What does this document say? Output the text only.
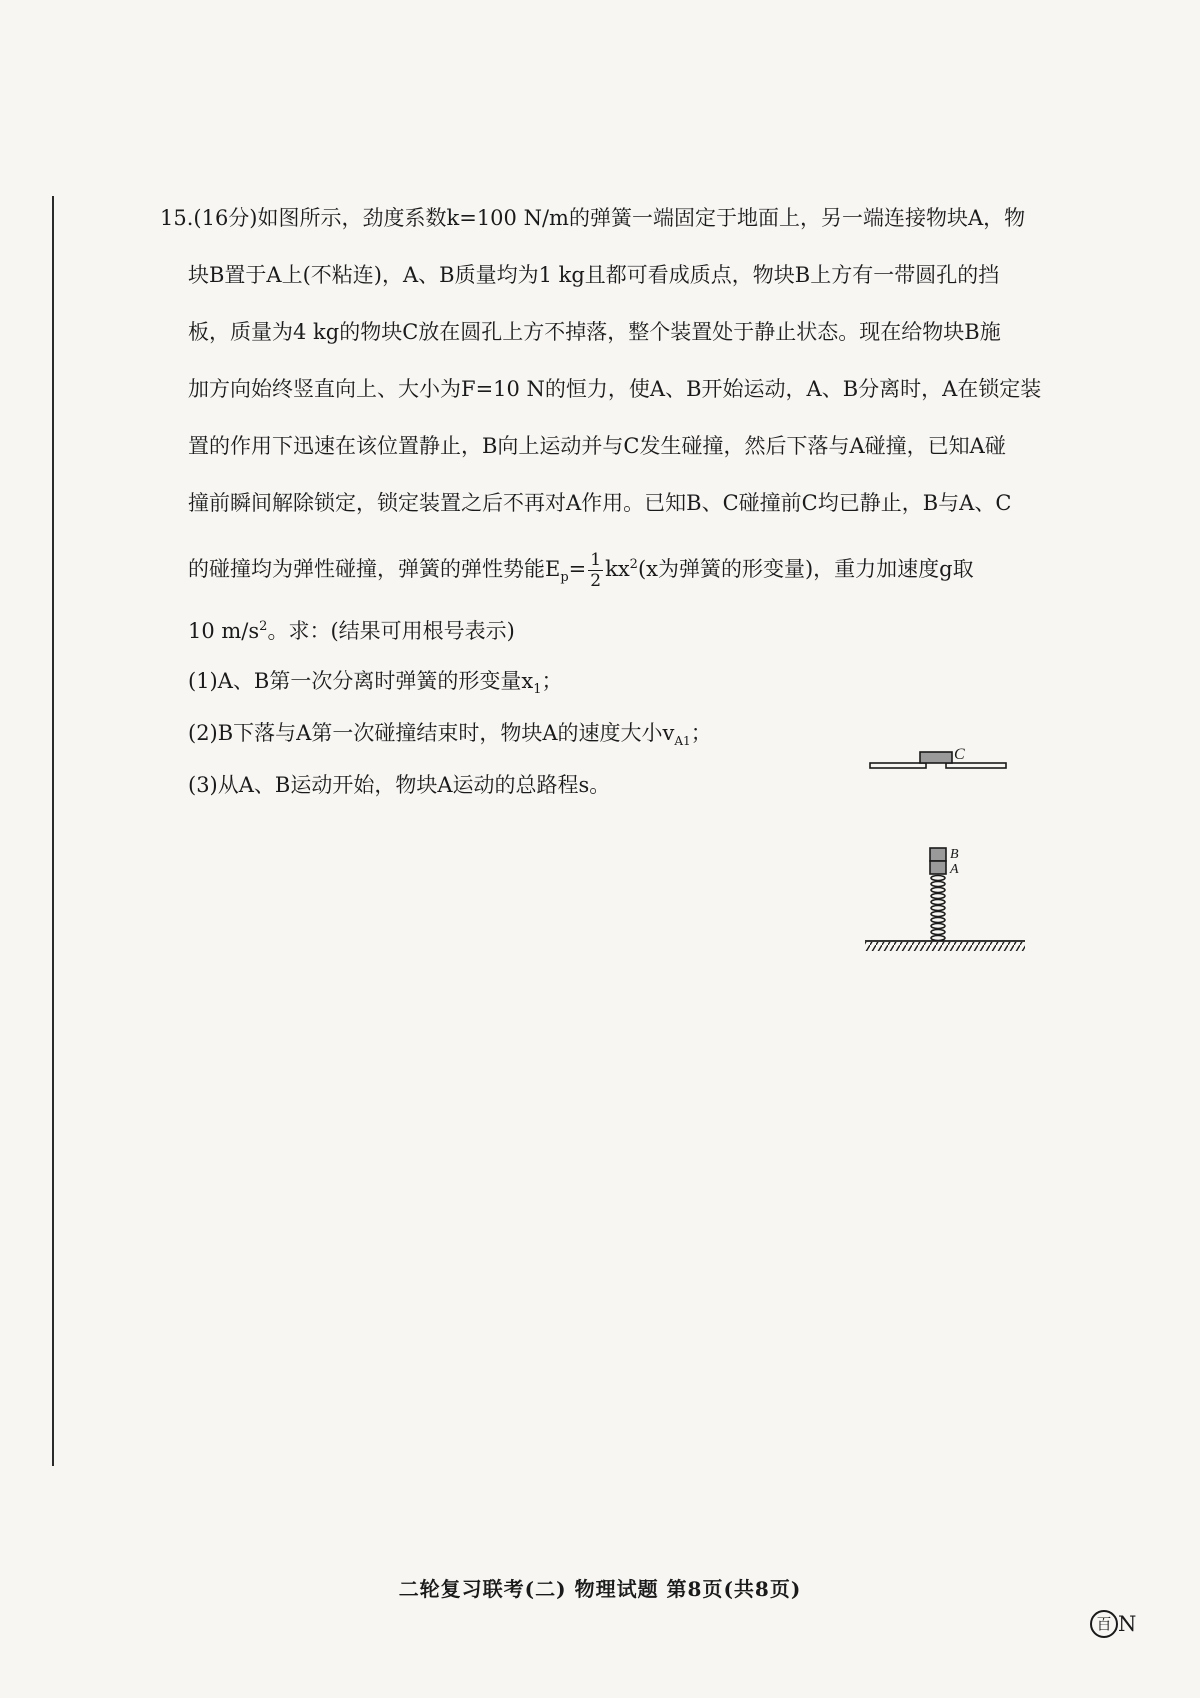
15.(16分)如图所示，劲度系数k=100 N/m的弹簧一端固定于地面上，另一端连接物块A，物
块B置于A上(不粘连)，A、B质量均为1 kg且都可看成质点，物块B上方有一带圆孔的挡
板，质量为4 kg的物块C放在圆孔上方不掉落，整个装置处于静止状态。现在给物块B施
加方向始终竖直向上、大小为F=10 N的恒力，使A、B开始运动，A、B分离时，A在锁定装
置的作用下迅速在该位置静止，B向上运动并与C发生碰撞，然后下落与A碰撞，已知A碰
撞前瞬间解除锁定，锁定装置之后不再对A作用。已知B、C碰撞前C均已静止，B与A、C
的碰撞均为弹性碰撞，弹簧的弹性势能$E_p= \frac{1}{2} kx^2(x$为弹簧的形变量)，重力加速度g取
10 $m/s^2$。求：(结果可用根号表示)
(1)A、B第一次分离时弹簧的形变量$x_1$；
(2)B下落与A第一次碰撞结束时，物块A的速度大小$v_{A1}$；
(3)从A、B运动开始，物块A运动的总路程s。
C
B
A
二轮复习联考(二) 物理试题 第8页(共8页)
百 N
